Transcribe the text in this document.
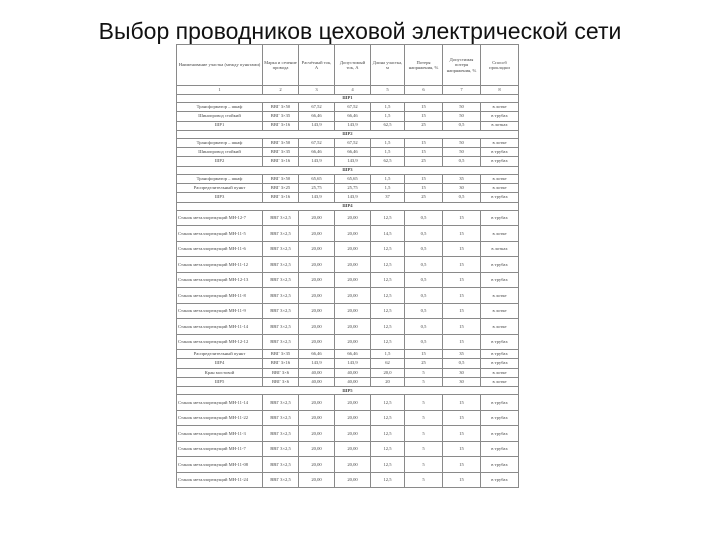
Выбор проводников цеховой электрической сети
Наименование участка (между пунктами)	Марка и сечение провода	Расчётный ток, А	Допустимый ток, А	Длина участка, м	Потеря напряжения, %	Допустимая потеря напряжения, %	Способ прокладки
1	2	3	4	5	6	7	8
ШР1							
Трансформатор – шкаф	ВВГ 3×50	67,52	67,52	1,5	15	50	в лотке
Шинопровод стойкий	ВВГ 3×35	66,46	66,46	1,5	15	50	в трубах
ШР1	ВВГ 3×16	143,9	143,9	62,5	25	0,5	в лотках
ШР2							
Трансформатор – шкаф	ВВГ 3×50	67,52	67,52	1,5	15	50	в лотке
Шинопровод стойкий	ВВГ 3×35	66,46	66,46	1,5	15	50	в трубах
ШР2	ВВГ 3×16	143,9	143,9	62,5	25	0,5	в трубах
ШР3							
Трансформатор – шкаф	ВВГ 3×50	65,65	65,65	1,5	15	35	в лотке
Распределительный пункт	ВВГ 3×25	25,75	25,75	1,5	15	30	в лотке
ШР3	ВВГ 3×16	143,9	143,9	37	25	0,5	в трубах
ШР4							
Станок металлорежущий МН-12-7	ВВГ 3×2,5	20,00	20,00	12,5	0,5	15	в трубах
Станок металлорежущий МН-11-5	ВВГ 3×2,5	20,00	20,00	14,5	0,5	15	в лотке
Станок металлорежущий МН-11-6	ВВГ 3×2,5	20,00	20,00	12,5	0,5	15	в лотках
Станок металлорежущий МН-11-12	ВВГ 3×2,5	20,00	20,00	12,5	0,5	15	в трубах
Станок металлорежущий МН-12-13	ВВГ 3×2,5	20,00	20,00	12,5	0,5	15	в трубах
Станок металлорежущий МН-11-8	ВВГ 3×2,5	20,00	20,00	12,5	0,5	15	в лотке
Станок металлорежущий МН-11-9	ВВГ 3×2,5	20,00	20,00	12,5	0,5	15	в лотке
Станок металлорежущий МН-11-14	ВВГ 3×2,5	20,00	20,00	12,5	0,5	15	в лотке
Станок металлорежущий МН-12-12	ВВГ 3×2,5	20,00	20,00	12,5	0,5	15	в трубах
Распределительный пункт	ВВГ 3×35	66,46	66,46	1,5	15	35	в трубах
ШР4	ВВГ 3×16	143,9	143,9	62	25	0,5	в трубах
Кран мостовой	ВВГ 3×6	40,00	40,00	20,0	5	30	в лотке
ШР5	ВВГ 3×6	40,00	40,00	20	5	30	в лотке
ШР5							
Станок металлорежущий МН-11-14	ВВГ 3×2,5	20,00	20,00	12,5	5	15	в трубах
Станок металлорежущий МН-11-22	ВВГ 3×2,5	20,00	20,00	12,5	5	15	в трубах
Станок металлорежущий МН-11-3	ВВГ 3×2,5	20,00	20,00	12,5	5	15	в трубах
Станок металлорежущий МН-11-7	ВВГ 3×2,5	20,00	20,00	12,5	5	15	в трубах
Станок металлорежущий МН-11-08	ВВГ 3×2,5	20,00	20,00	12,5	5	15	в трубах
Станок металлорежущий МН-11-24	ВВГ 3×2,5	20,00	20,00	12,5	5	15	в трубах
